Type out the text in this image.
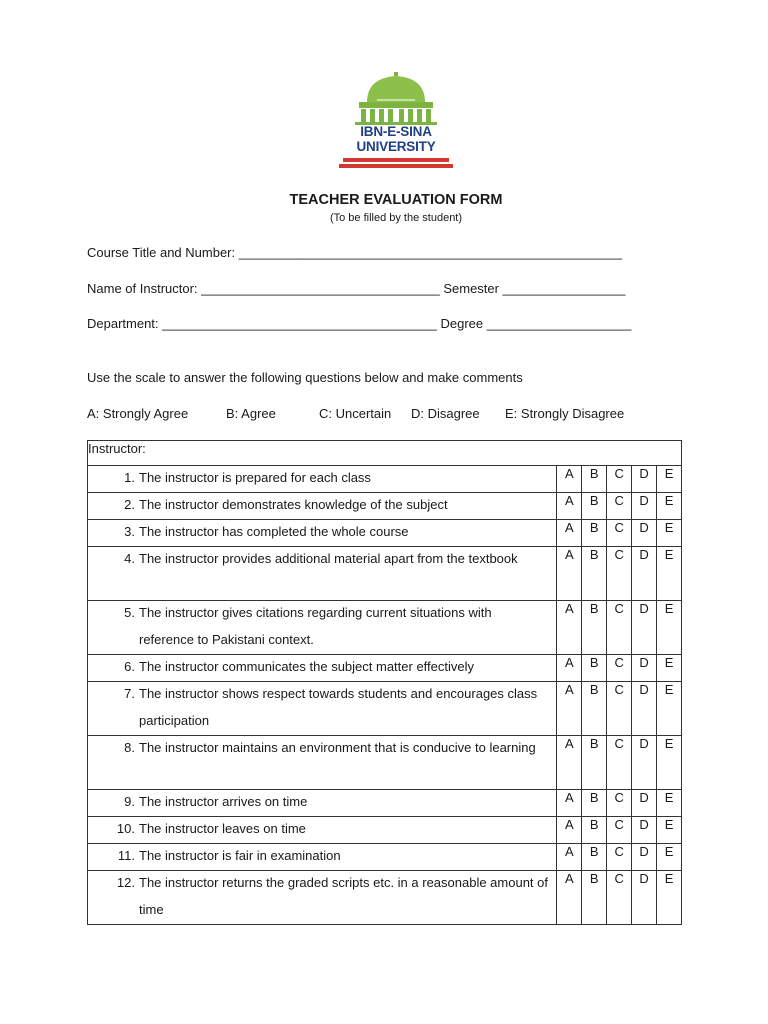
IBN-E-SINA
UNIVERSITY
TEACHER EVALUATION FORM
(To be filled by the student)
Course Title and Number: _____________________________________________________
Name of Instructor: _________________________________ Semester _________________
Department: ______________________________________ Degree ____________________
Use the scale to answer the following questions below and make comments
A: Strongly Agree	B: Agree	C: Uncertain D: Disagree E: Strongly Disagree
Instructor:					

1. The instructor is prepared for each class	A	B	C	D	E

2. The instructor demonstrates knowledge of the subject	A	B	C	D	E

3. The instructor has completed the whole course	A	B	C	D	E

4. The instructor provides additional material apart from the textbook	A	B	C	D	E

5. The instructor gives citations regarding current situations with reference to Pakistani context.	A	B	C	D	E

6. The instructor communicates the subject matter effectively	A	B	C	D	E

7. The instructor shows respect towards students and encourages class participation	A	B	C	D	E

8. The instructor maintains an environment that is conducive to learning	A	B	C	D	E

9. The instructor arrives on time	A	B	C	D	E

10. The instructor leaves on time	A	B	C	D	E

11. The instructor is fair in examination	A	B	C	D	E

12. The instructor returns the graded scripts etc. in a reasonable amount of time	A	B	C	D	E
